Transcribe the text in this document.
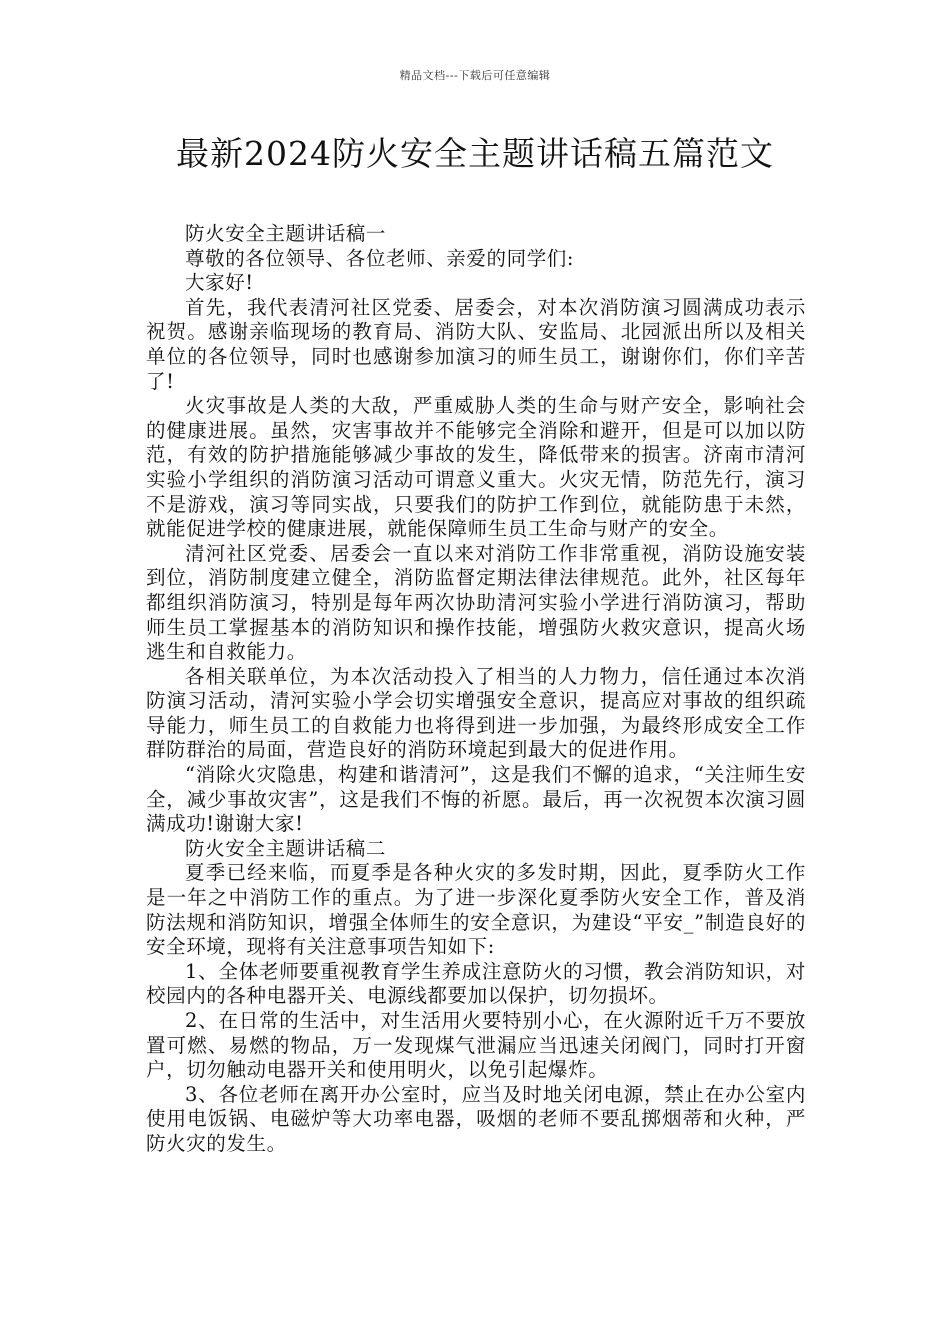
精品文档---下载后可任意编辑
最新2024防火安全主题讲话稿五篇范文

防火安全主题讲话稿一

尊敬的各位领导、各位老师、亲爱的同学们:

大家好!

首先，我代表清河社区党委、居委会，对本次消防演习圆满成功表示祝贺。感谢亲临现场的教育局、消防大队、安监局、北园派出所以及相关单位的各位领导，同时也感谢参加演习的师生员工，谢谢你们，你们辛苦了!

火灾事故是人类的大敌，严重威胁人类的生命与财产安全，影响社会的健康进展。虽然，灾害事故并不能够完全消除和避开，但是可以加以防范，有效的防护措施能够减少事故的发生，降低带来的损害。济南市清河实验小学组织的消防演习活动可谓意义重大。火灾无情，防范先行，演习不是游戏，演习等同实战，只要我们的防护工作到位，就能防患于未然，就能促进学校的健康进展，就能保障师生员工生命与财产的安全。

清河社区党委、居委会一直以来对消防工作非常重视，消防设施安装到位，消防制度建立健全，消防监督定期法律法律规范。此外，社区每年都组织消防演习，特别是每年两次协助清河实验小学进行消防演习，帮助师生员工掌握基本的消防知识和操作技能，增强防火救灾意识，提高火场逃生和自救能力。

各相关联单位，为本次活动投入了相当的人力物力，信任通过本次消防演习活动，清河实验小学会切实增强安全意识，提高应对事故的组织疏导能力，师生员工的自救能力也将得到进一步加强，为最终形成安全工作群防群治的局面，营造良好的消防环境起到最大的促进作用。

“消除火灾隐患，构建和谐清河”，这是我们不懈的追求，“关注师生安全，减少事故灾害”，这是我们不悔的祈愿。最后，再一次祝贺本次演习圆满成功!谢谢大家!

防火安全主题讲话稿二

夏季已经来临，而夏季是各种火灾的多发时期，因此，夏季防火工作是一年之中消防工作的重点。为了进一步深化夏季防火安全工作，普及消防法规和消防知识，增强全体师生的安全意识，为建设“平安_”制造良好的安全环境，现将有关注意事项告知如下:

1、全体老师要重视教育学生养成注意防火的习惯，教会消防知识，对校园内的各种电器开关、电源线都要加以保护，切勿损坏。

2、在日常的生活中，对生活用火要特别小心，在火源附近千万不要放置可燃、易燃的物品，万一发现煤气泄漏应当迅速关闭阀门，同时打开窗户，切勿触动电器开关和使用明火，以免引起爆炸。

3、各位老师在离开办公室时，应当及时地关闭电源，禁止在办公室内使用电饭锅、电磁炉等大功率电器，吸烟的老师不要乱掷烟蒂和火种，严防火灾的发生。
